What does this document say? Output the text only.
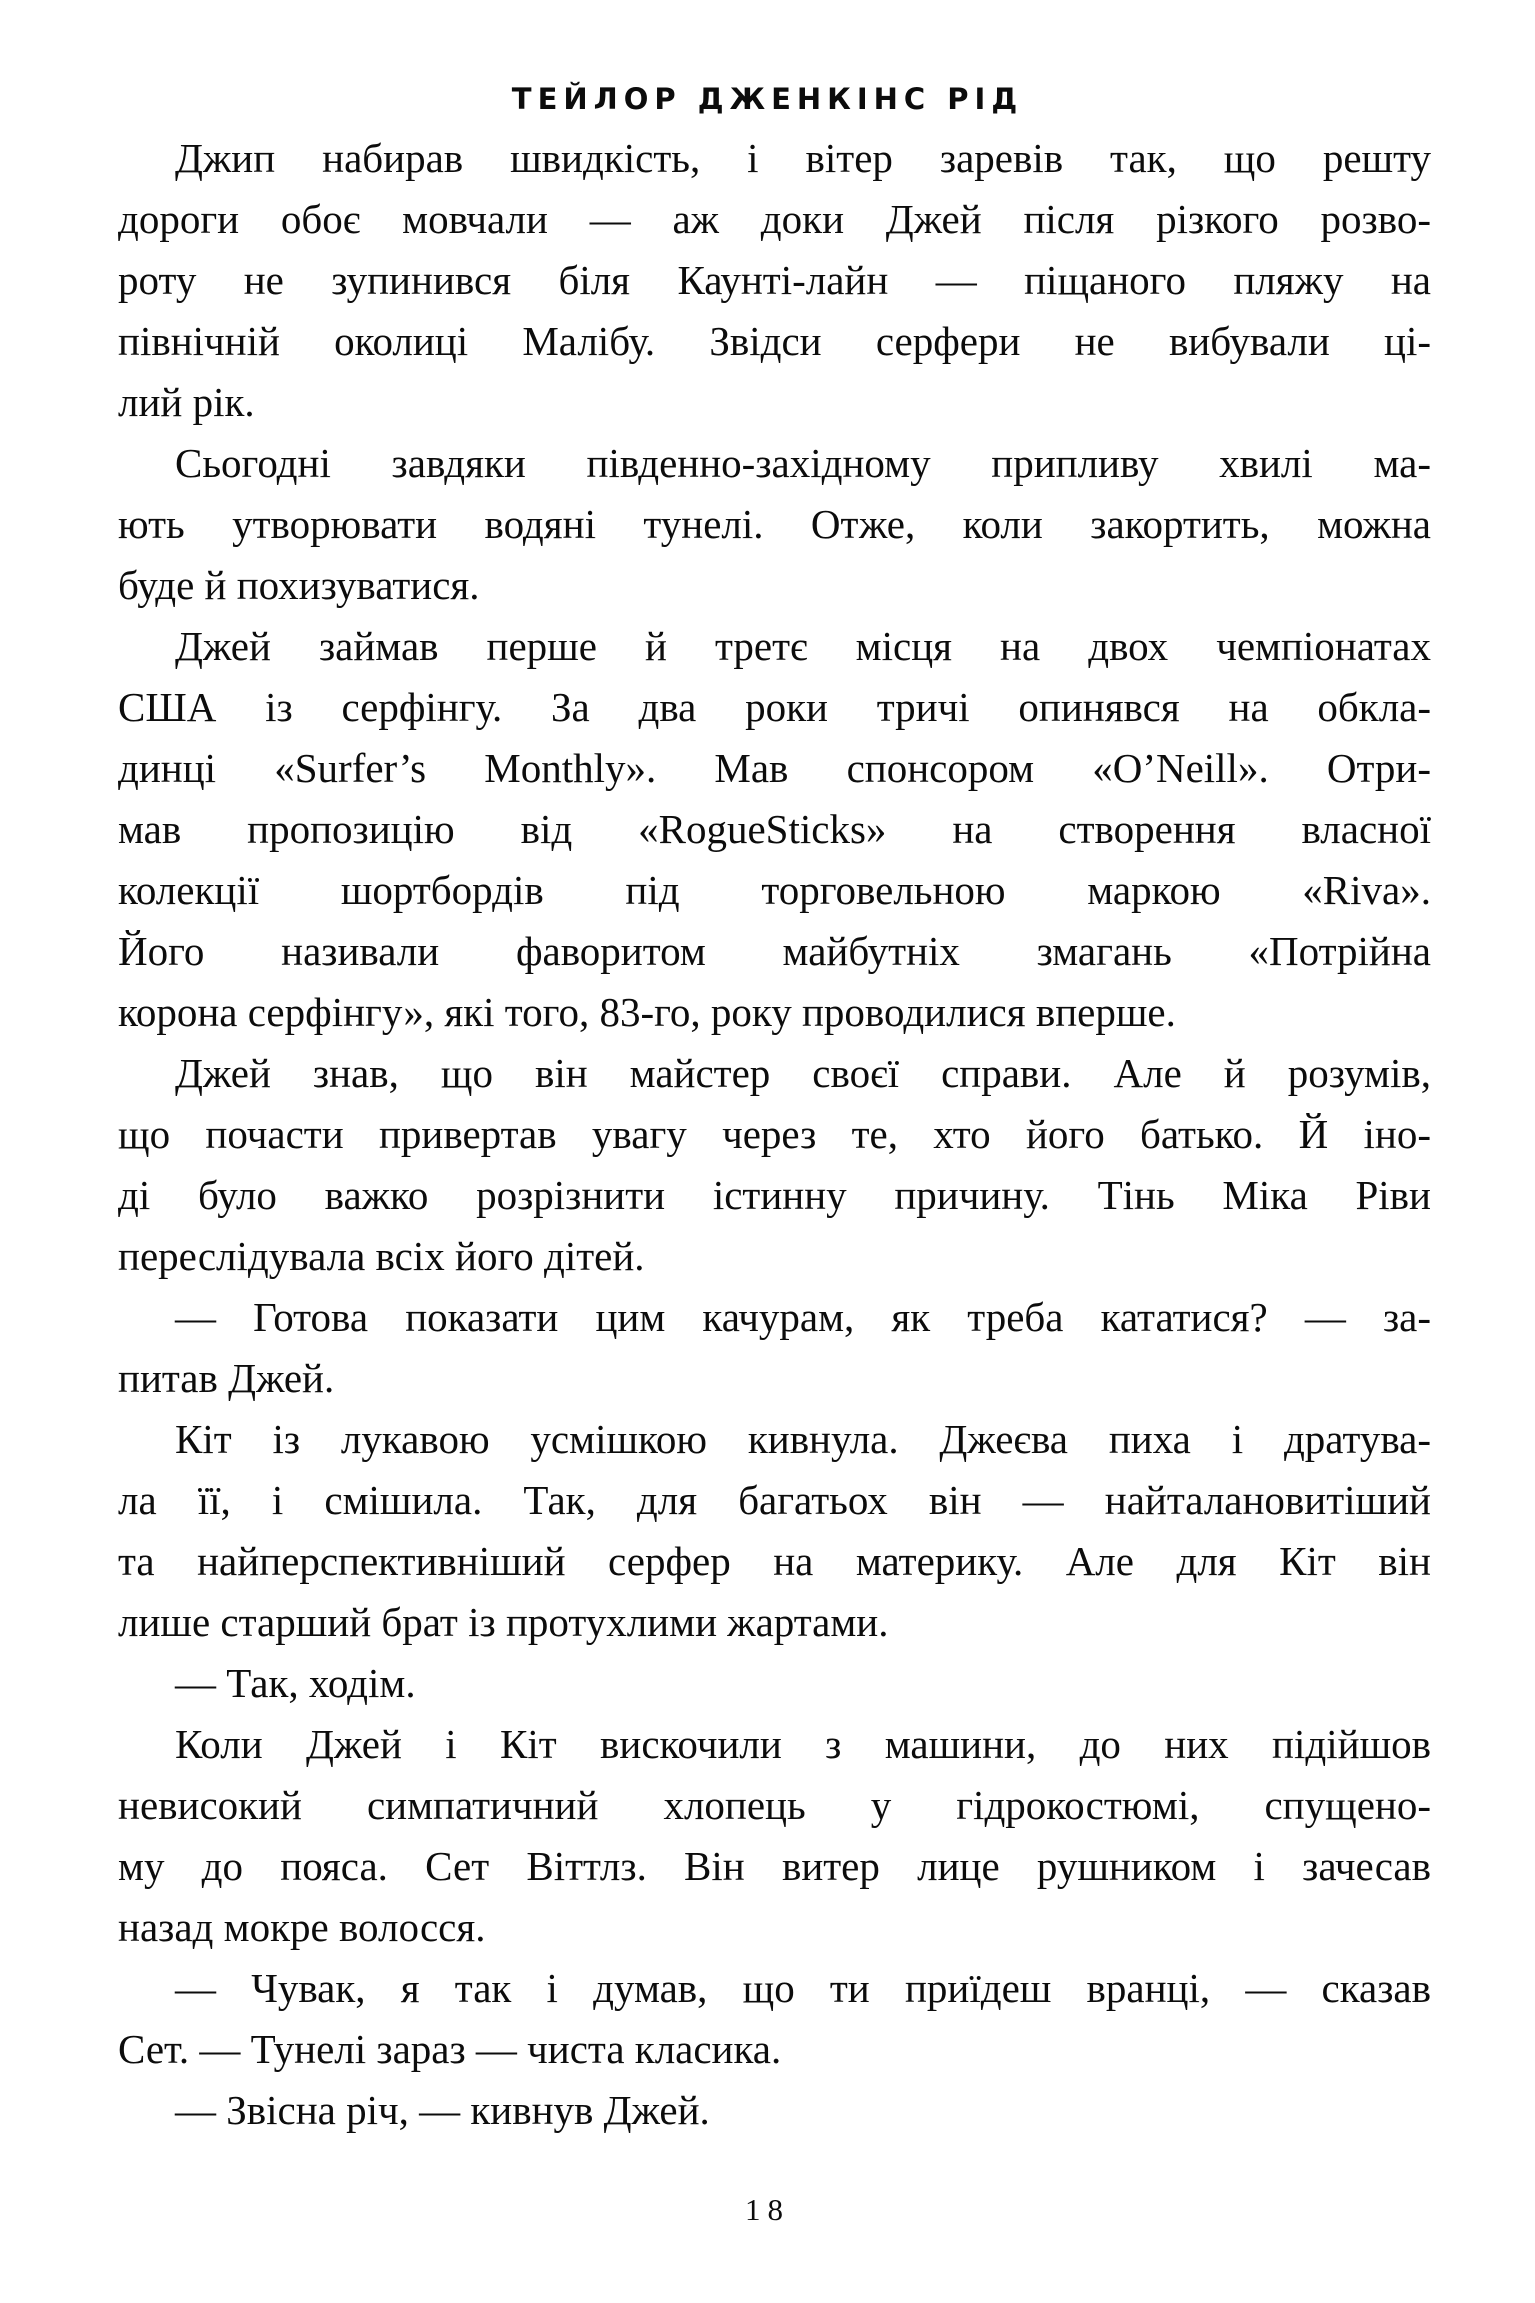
ТЕЙЛОР ДЖЕНКІНС РІД

Джип набирав швидкість, і вітер заревів так, що решту
дороги обоє мовчали — аж доки Джей після різкого розво-
роту не зупинився біля Каунті-лайн — піщаного пляжу на
північній околиці Малібу. Звідси серфери не вибували ці-
лий рік.

Сьогодні завдяки південно-західному припливу хвилі ма-
ють утворювати водяні тунелі. Отже, коли закортить, можна
буде й похизуватися.

Джей займав перше й третє місця на двох чемпіонатах
США із серфінгу. За два роки тричі опинявся на обкла-
динці «Surfer’s Monthly». Мав спонсором «O’Neill». Отри-
мав пропозицію від «RogueSticks» на створення власної
колекції шортбордів під торговельною маркою «Riva».
Його називали фаворитом майбутніх змагань «Потрійна
корона серфінгу», які того, 83-го, року проводилися вперше.

Джей знав, що він майстер своєї справи. Але й розумів,
що почасти привертав увагу через те, хто його батько. Й іно-
ді було важко розрізнити істинну причину. Тінь Міка Ріви
переслідувала всіх його дітей.

— Готова показати цим качурам, як треба кататися? — за-
питав Джей.

Кіт із лукавою усмішкою кивнула. Джеєва пиха і дратува-
ла її, і смішила. Так, для багатьох він — найталановитіший
та найперспективніший серфер на материку. Але для Кіт він
лише старший брат із протухлими жартами.

— Так, ходім.

Коли Джей і Кіт вискочили з машини, до них підійшов
невисокий симпатичний хлопець у гідрокостюмі, спущено-
му до пояса. Сет Віттлз. Він витер лице рушником і зачесав
назад мокре волосся.

— Чувак, я так і думав, що ти приїдеш вранці, — сказав
Сет. — Тунелі зараз — чиста класика.

— Звісна річ, — кивнув Джей.

18
